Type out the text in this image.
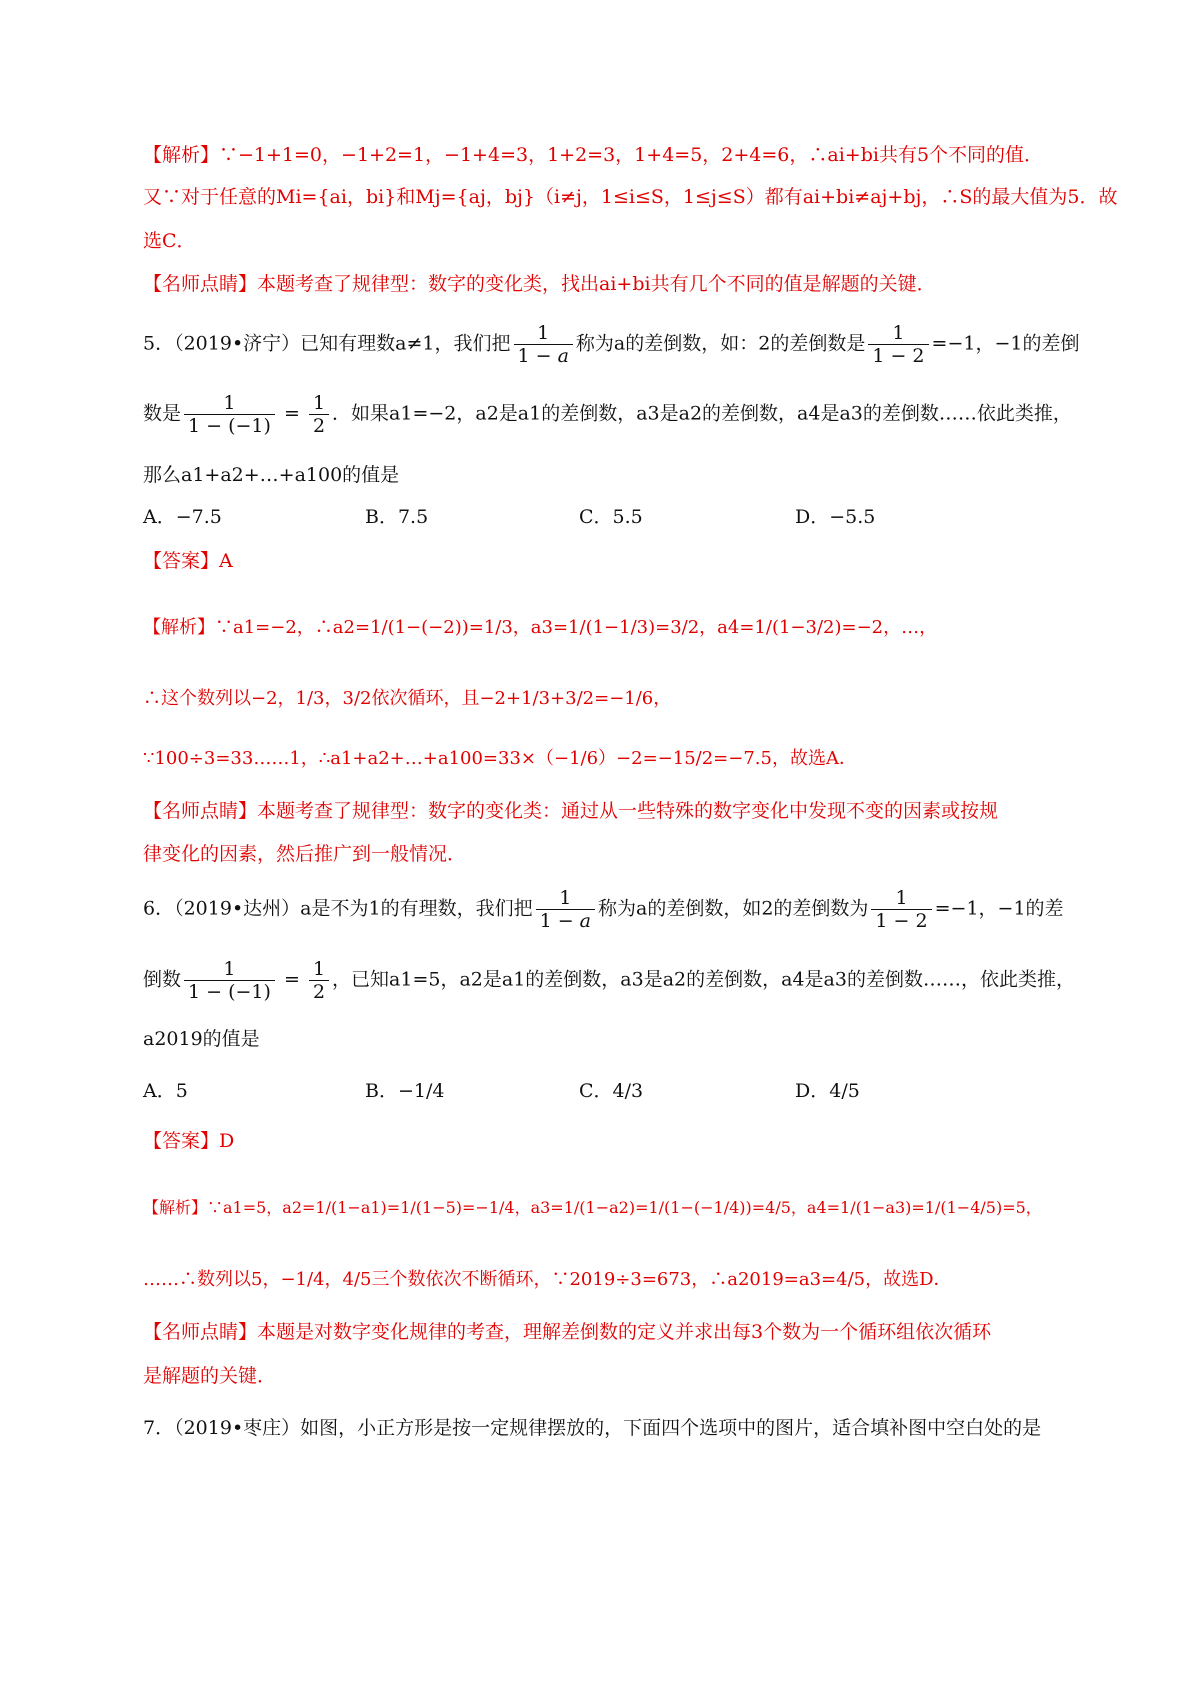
【解析】∵−1+1=0，−1+2=1，−1+4=3，1+2=3，1+4=5，2+4=6，∴ai+bi共有5个不同的值．
又∵对于任意的Mi={ai，bi}和Mj={aj，bj}（i≠j，1≤i≤S，1≤j≤S）都有ai+bi≠aj+bj，∴S的最大值为5．故
选C．
【名师点睛】本题考查了规律型：数字的变化类，找出ai+bi共有几个不同的值是解题的关键．
5．（2019•济宁）已知有理数a≠1，我们把 $\frac{1}{1 - a}$ 称为a的差倒数，如：2的差倒数是 $\frac{1}{1 - 2} =-1$，−1的差倒
数是 $\frac{1}{1 - (-1)} = \frac{1}{2}$ ．如果a1=−2，a2是a1的差倒数，a3是a2的差倒数，a4是a3的差倒数……依此类推，
那么a1+a2+…+a100的值是
A．−7.5	B．7.5	C．5.5	D．−5.5
【答案】A
【解析】∵a1=−2，∴a2=1/(1−(−2))=1/3，a3=1/(1−1/3)=3/2，a4=1/(1−3/2)=−2，…，
∴这个数列以−2，1/3，3/2依次循环，且−2+1/3+3/2=−1/6，
∵100÷3=33……1，∴a1+a2+…+a100=33×（−1/6）−2=−15/2=−7.5，故选A．
【名师点睛】本题考查了规律型：数字的变化类：通过从一些特殊的数字变化中发现不变的因素或按规
律变化的因素，然后推广到一般情况．
6．（2019•达州）a是不为1的有理数，我们把 $\frac{1}{1 - a}$ 称为a的差倒数，如2的差倒数为 $\frac{1}{1 - 2} =-1$，−1的差
倒数 $\frac{1}{1 - (-1)} = \frac{1}{2}$ ，已知a1=5，a2是a1的差倒数，a3是a2的差倒数，a4是a3的差倒数……，依此类推，
a2019的值是
A．5	B．−1/4	C．4/3	D．4/5
【答案】D
【解析】∵a1=5，a2=1/(1−a1)=1/(1−5)=−1/4，a3=1/(1−a2)=1/(1−(−1/4))=4/5，a4=1/(1−a3)=1/(1−4/5)=5，
……∴数列以5，−1/4，4/5三个数依次不断循环，∵2019÷3=673，∴a2019=a3=4/5，故选D．
【名师点睛】本题是对数字变化规律的考查，理解差倒数的定义并求出每3个数为一个循环组依次循环
是解题的关键．
7．（2019•枣庄）如图，小正方形是按一定规律摆放的，下面四个选项中的图片，适合填补图中空白处的是
